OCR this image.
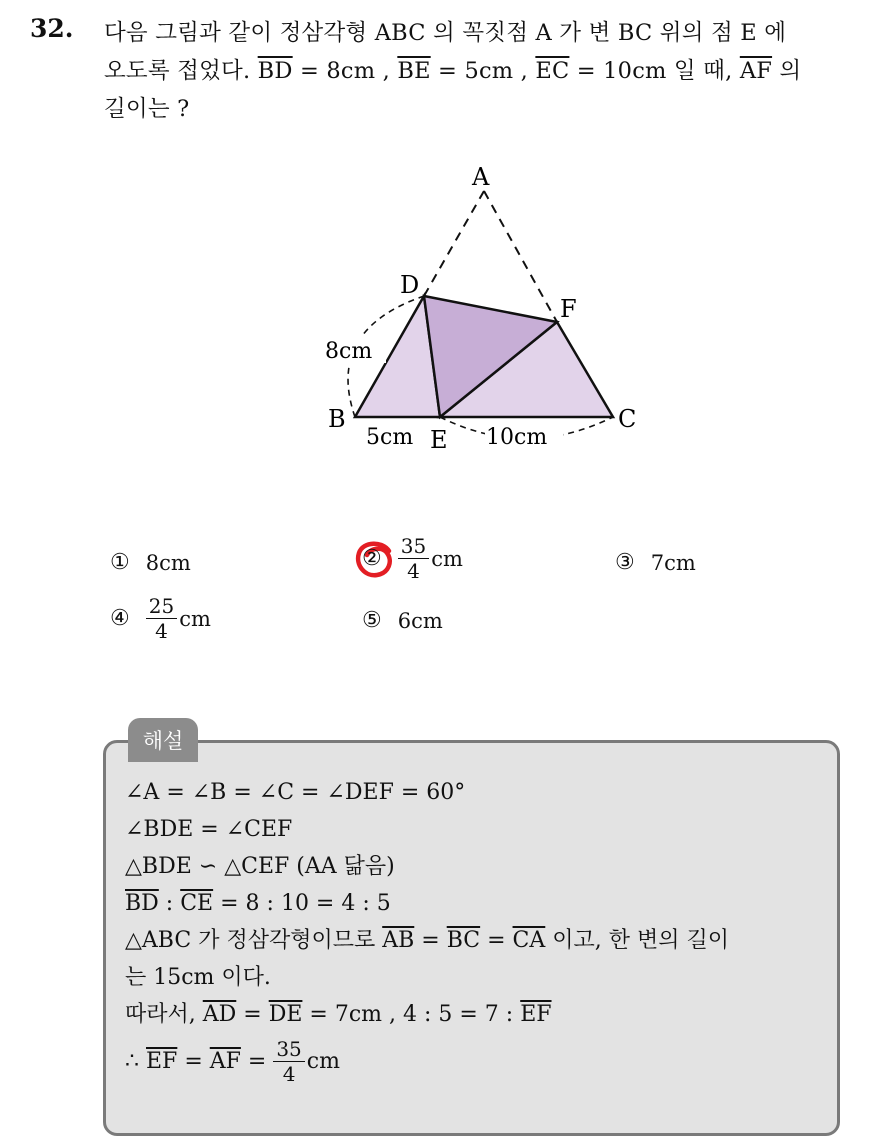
32. 다음 그림과 같이 정삼각형 ABC 의 꼭짓점 A 가 변 BC 위의 점 E 에
오도록 접었다. $\overline{BD} = 8cm$ , $\overline{BE} = 5cm$ , $\overline{EC} = 10cm$ 일 때, $\overline{AF}$ 의
길이는 ?
A
B	C
D
E
F
8cm
5cm	10cm
① 8cm	② $\frac{35}{4}$ cm	③ 7cm
④ $\frac{25}{4}$ cm	⑤ 6cm
해설
∠A = ∠B = ∠C = ∠DEF = 60°
∠BDE = ∠CEF
△BDE ∽ △CEF (AA 닮음)
$\overline{BD}$ : $\overline{CE} = 8$ : 10 = 4 : 5
△ABC 가 정삼각형이므로 $\overline{AB} = \overline{BC} = \overline{CA}$ 이고, 한 변의 길이
는 15cm 이다.
따라서, $\overline{AD} = \overline{DE} = 7cm$ , 4 : 5 = 7 : $\overline{EF}$
∴ $\overline{EF} = \overline{AF} = \frac{35}{4}$ cm
